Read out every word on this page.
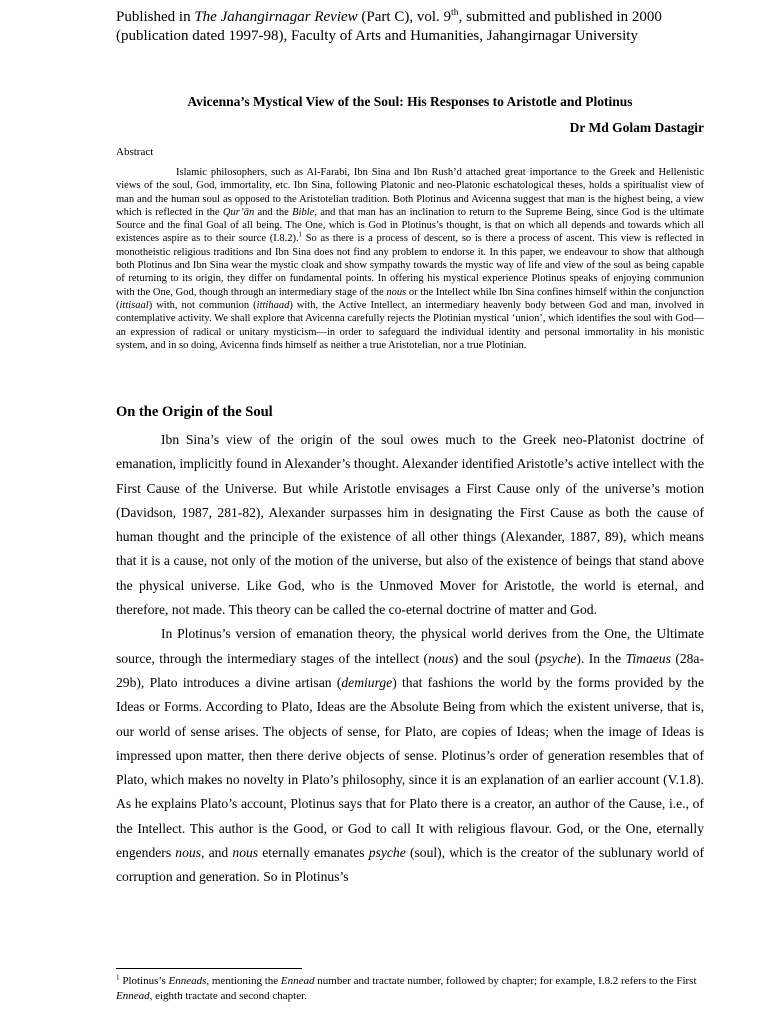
Published in The Jahangirnagar Review (Part C), vol. 9th, submitted and published in 2000 (publication dated 1997-98), Faculty of Arts and Humanities, Jahangirnagar University
Avicenna’s Mystical View of the Soul: His Responses to Aristotle and Plotinus
Dr Md Golam Dastagir
Abstract
Islamic philosophers, such as Al-Farabi, Ibn Sina and Ibn Rush’d attached great importance to the Greek and Hellenistic views of the soul, God, immortality, etc. Ibn Sina, following Platonic and neo-Platonic eschatological theses, holds a spiritualist view of man and the human soul as opposed to the Aristotelian tradition. Both Plotinus and Avicenna suggest that man is the highest being, a view which is reflected in the Qur’ān and the Bible, and that man has an inclination to return to the Supreme Being, since God is the ultimate Source and the final Goal of all being. The One, which is God in Plotinus’s thought, is that on which all depends and towards which all existences aspire as to their source (I.8.2).$^1$ So as there is a process of descent, so is there a process of ascent. This view is reflected in monotheistic religious traditions and Ibn Sina does not find any problem to endorse it. In this paper, we endeavour to show that although both Plotinus and Ibn Sina wear the mystic cloak and show sympathy towards the mystic way of life and view of the soul as being capable of returning to its origin, they differ on fundamental points. In offering his mystical experience Plotinus speaks of enjoying communion with the One, God, though through an intermediary stage of the nous or the Intellect while Ibn Sina confines himself within the conjunction (ittisaal) with, not communion (ittihaad) with, the Active Intellect, an intermediary heavenly body between God and man, involved in contemplative activity. We shall explore that Avicenna carefully rejects the Plotinian mystical ‘union’, which identifies the soul with God—an expression of radical or unitary mysticism—in order to safeguard the individual identity and personal immortality in his monistic system, and in so doing, Avicenna finds himself as neither a true Aristotelian, nor a true Plotinian.
On the Origin of the Soul

Ibn Sina’s view of the origin of the soul owes much to the Greek neo-Platonist doctrine of emanation, implicitly found in Alexander’s thought. Alexander identified Aristotle’s active intellect with the First Cause of the Universe. But while Aristotle envisages a First Cause only of the universe’s motion (Davidson, 1987, 281-82), Alexander surpasses him in designating the First Cause as both the cause of human thought and the principle of the existence of all other things (Alexander, 1887, 89), which means that it is a cause, not only of the motion of the universe, but also of the existence of beings that stand above the physical universe. Like God, who is the Unmoved Mover for Aristotle, the world is eternal, and therefore, not made. This theory can be called the co-eternal doctrine of matter and God.

In Plotinus’s version of emanation theory, the physical world derives from the One, the Ultimate source, through the intermediary stages of the intellect (nous) and the soul (psyche). In the Timaeus (28a-29b), Plato introduces a divine artisan (demiurge) that fashions the world by the forms provided by the Ideas or Forms. According to Plato, Ideas are the Absolute Being from which the existent universe, that is, our world of sense arises. The objects of sense, for Plato, are copies of Ideas; when the image of Ideas is impressed upon matter, then there derive objects of sense. Plotinus’s order of generation resembles that of Plato, which makes no novelty in Plato’s philosophy, since it is an explanation of an earlier account (V.1.8). As he explains Plato’s account, Plotinus says that for Plato there is a creator, an author of the Cause, i.e., of the Intellect. This author is the Good, or God to call It with religious flavour. God, or the One, eternally engenders nous, and nous eternally emanates psyche (soul), which is the creator of the sublunary world of corruption and generation. So in Plotinus’s

$^1$ Plotinus’s Enneads, mentioning the Ennead number and tractate number, followed by chapter; for example, I.8.2 refers to the First Ennead, eighth tractate and second chapter.
